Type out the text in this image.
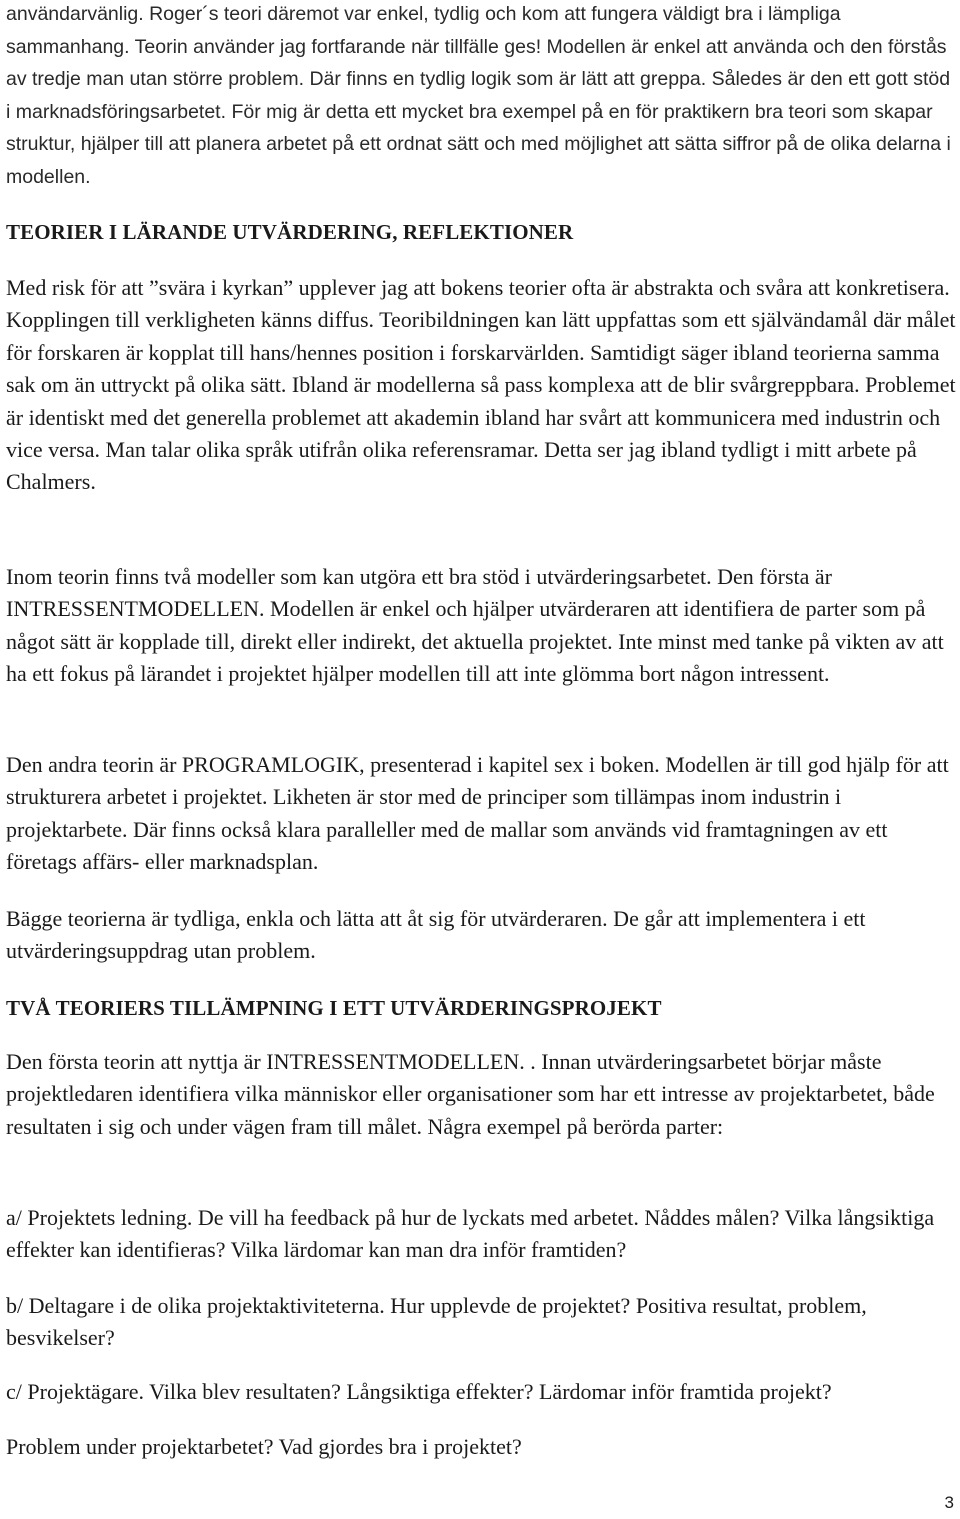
användarvänlig. Roger´s teori däremot var enkel, tydlig och kom att fungera väldigt bra i lämpliga sammanhang. Teorin använder jag fortfarande när tillfälle ges! Modellen är enkel att använda och den förstås av tredje man utan större problem. Där finns en tydlig logik som är lätt att greppa. Således är den ett gott stöd i marknadsföringsarbetet. För mig är detta ett mycket bra exempel på en för praktikern bra teori som skapar struktur, hjälper till att planera arbetet på ett ordnat sätt och med möjlighet att sätta siffror på de olika delarna i modellen.

TEORIER I LÄRANDE UTVÄRDERING, REFLEKTIONER

Med risk för att ”svära i kyrkan” upplever jag att bokens teorier ofta är abstrakta och svåra att konkretisera. Kopplingen till verkligheten känns diffus. Teoribildningen kan lätt uppfattas som ett självändamål där målet för forskaren är kopplat till hans/hennes position i forskarvärlden. Samtidigt säger ibland teorierna samma sak om än uttryckt på olika sätt. Ibland är modellerna så pass komplexa att de blir svårgreppbara. Problemet är identiskt med det generella problemet att akademin ibland har svårt att kommunicera med industrin och vice versa. Man talar olika språk utifrån olika referensramar. Detta ser jag ibland tydligt i mitt arbete på Chalmers.

Inom teorin finns två modeller som kan utgöra ett bra stöd i utvärderingsarbetet. Den första är INTRESSENTMODELLEN. Modellen är enkel och hjälper utvärderaren att identifiera de parter som på något sätt är kopplade till, direkt eller indirekt, det aktuella projektet. Inte minst med tanke på vikten av att ha ett fokus på lärandet i projektet hjälper modellen till att inte glömma bort någon intressent.

Den andra teorin är PROGRAMLOGIK, presenterad i kapitel sex i boken. Modellen är till god hjälp för att strukturera arbetet i projektet. Likheten är stor med de principer som tillämpas inom industrin i projektarbete. Där finns också klara paralleller med de mallar som används vid framtagningen av ett företags affärs- eller marknadsplan.

Bägge teorierna är tydliga, enkla och lätta att åt sig för utvärderaren. De går att implementera i ett utvärderingsuppdrag utan problem.

TVÅ TEORIERS TILLÄMPNING I ETT UTVÄRDERINGSPROJEKT

Den första teorin att nyttja är INTRESSENTMODELLEN. . Innan utvärderingsarbetet börjar måste projektledaren identifiera vilka människor eller organisationer som har ett intresse av projektarbetet, både resultaten i sig och under vägen fram till målet. Några exempel på berörda parter:

a/ Projektets ledning. De vill ha feedback på hur de lyckats med arbetet. Nåddes målen? Vilka långsiktiga effekter kan identifieras? Vilka lärdomar kan man dra inför framtiden?

b/ Deltagare i de olika projektaktiviteterna. Hur upplevde de projektet? Positiva resultat, problem, besvikelser?

c/ Projektägare. Vilka blev resultaten? Långsiktiga effekter? Lärdomar inför framtida projekt?

Problem under projektarbetet? Vad gjordes bra i projektet?

3
